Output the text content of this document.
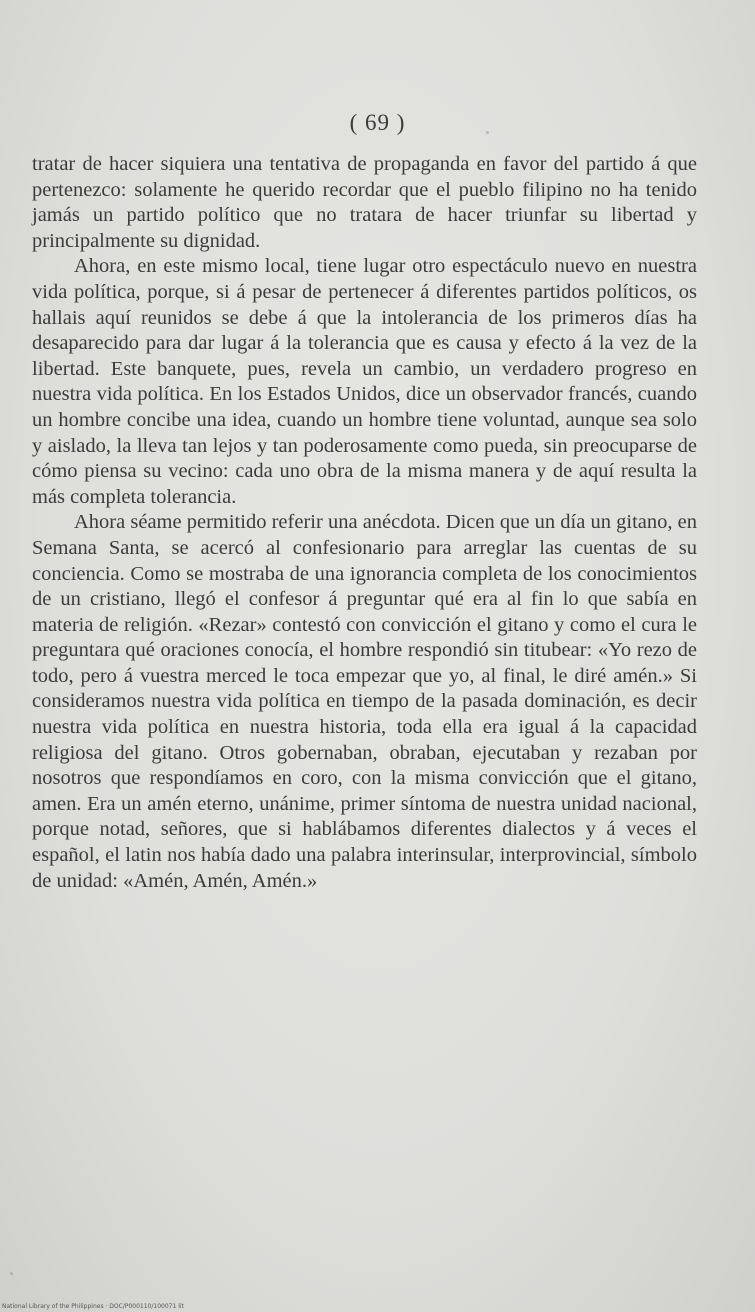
( 69 )

tratar de hacer siquiera una tentativa de propaganda en favor del partido á que pertenezco: solamente he querido recordar que el pueblo filipino no ha tenido jamás un partido político que no tratara de hacer triunfar su libertad y principalmente su dignidad.

Ahora, en este mismo local, tiene lugar otro espectáculo nuevo en nuestra vida política, porque, si á pesar de pertenecer á diferentes partidos políticos, os hallais aquí reunidos se debe á que la intolerancia de los primeros días ha desaparecido para dar lugar á la tolerancia que es causa y efecto á la vez de la libertad. Este banquete, pues, revela un cambio, un verdadero progreso en nuestra vida política. En los Estados Unidos, dice un observador francés, cuando un hombre concibe una idea, cuando un hombre tiene voluntad, aunque sea solo y aislado, la lleva tan lejos y tan poderosamente como pueda, sin preocuparse de cómo piensa su vecino: cada uno obra de la misma manera y de aquí resulta la más completa tolerancia.

Ahora séame permitido referir una anécdota. Dicen que un día un gitano, en Semana Santa, se acercó al confesionario para arreglar las cuentas de su conciencia. Como se mostraba de una ignorancia completa de los conocimientos de un cristiano, llegó el confesor á preguntar qué era al fin lo que sabía en materia de religión. «Rezar» contestó con convicción el gitano y como el cura le preguntara qué oraciones conocía, el hombre respondió sin titubear: «Yo rezo de todo, pero á vuestra merced le toca empezar que yo, al final, le diré amén.» Si consideramos nuestra vida política en tiempo de la pasada dominación, es decir nuestra vida política en nuestra historia, toda ella era igual á la capacidad religiosa del gitano. Otros gobernaban, obraban, ejecutaban y rezaban por nosotros que respondíamos en coro, con la misma convicción que el gitano, amen. Era un amén eterno, unánime, primer síntoma de nuestra unidad nacional, porque notad, señores, que si hablábamos diferentes dialectos y á veces el español, el latin nos había dado una palabra interinsular, interprovincial, símbolo de unidad: «Amén, Amén, Amén.»

National Library of the Philippines · DOC/P000110/100071 lit
